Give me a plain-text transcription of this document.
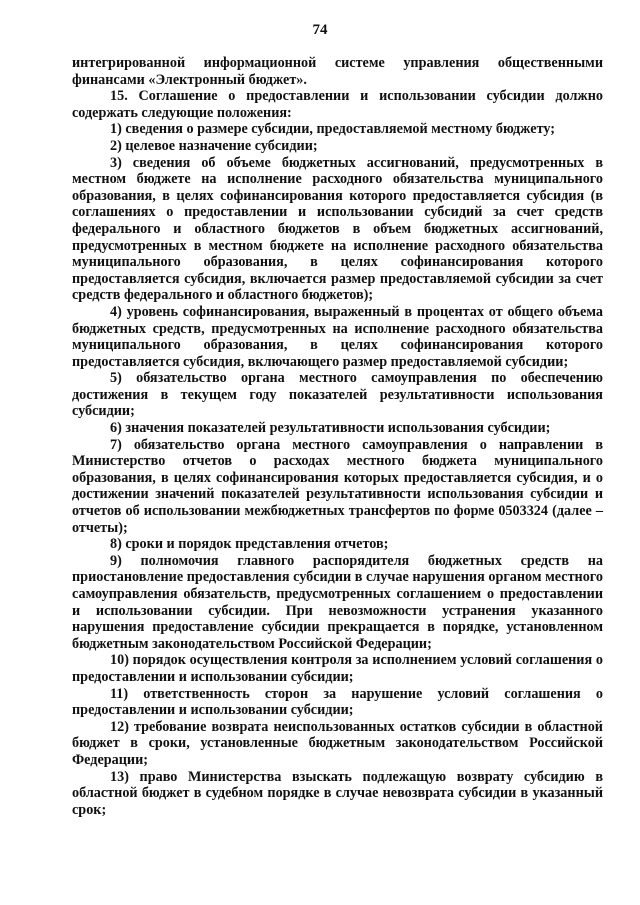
74

интегрированной информационной системе управления общественными финансами «Электронный бюджет».

15. Соглашение о предоставлении и использовании субсидии должно содержать следующие положения:

1) сведения о размере субсидии, предоставляемой местному бюджету;

2) целевое назначение субсидии;

3) сведения об объеме бюджетных ассигнований, предусмотренных в местном бюджете на исполнение расходного обязательства муниципального образования, в целях софинансирования которого предоставляется субсидия (в соглашениях о предоставлении и использовании субсидий за счет средств федерального и областного бюджетов в объем бюджетных ассигнований, предусмотренных в местном бюджете на исполнение расходного обязательства муниципального образования, в целях софинансирования которого предоставляется субсидия, включается размер предоставляемой субсидии за счет средств федерального и областного бюджетов);

4) уровень софинансирования, выраженный в процентах от общего объема бюджетных средств, предусмотренных на исполнение расходного обязательства муниципального образования, в целях софинансирования которого предоставляется субсидия, включающего размер предоставляемой субсидии;

5) обязательство органа местного самоуправления по обеспечению достижения в текущем году показателей результативности использования субсидии;

6) значения показателей результативности использования субсидии;

7) обязательство органа местного самоуправления о направлении в Министерство отчетов о расходах местного бюджета муниципального образования, в целях софинансирования которых предоставляется субсидия, и о достижении значений показателей результативности использования субсидии и отчетов об использовании межбюджетных трансфертов по форме 0503324 (далее – отчеты);

8) сроки и порядок представления отчетов;

9) полномочия главного распорядителя бюджетных средств на приостановление предоставления субсидии в случае нарушения органом местного самоуправления обязательств, предусмотренных соглашением о предоставлении и использовании субсидии. При невозможности устранения указанного нарушения предоставление субсидии прекращается в порядке, установленном бюджетным законодательством Российской Федерации;

10) порядок осуществления контроля за исполнением условий соглашения о предоставлении и использовании субсидии;

11) ответственность сторон за нарушение условий соглашения о предоставлении и использовании субсидии;

12) требование возврата неиспользованных остатков субсидии в областной бюджет в сроки, установленные бюджетным законодательством Российской Федерации;

13) право Министерства взыскать подлежащую возврату субсидию в областной бюджет в судебном порядке в случае невозврата субсидии в указанный срок;
